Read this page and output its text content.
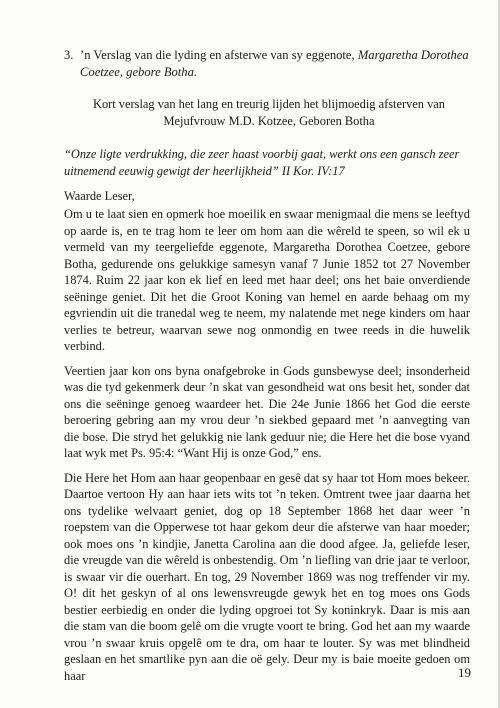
3. ’n Verslag van die lyding en afsterwe van sy eggenote, Margaretha Dorothea Coetzee, gebore Botha.
Kort verslag van het lang en treurig lijden het blijmoedig afsterven van Mejufvrouw M.D. Kotzee, Geboren Botha
“Onze ligte verdrukking, die zeer haast voorbij gaat, werkt ons een gansch zeer uitnemend eeuwig gewigt der heerlijkheid” II Kor. IV:17
Waarde Leser,

Om u te laat sien en opmerk hoe moeilik en swaar menigmaal die mens se leeftyd op aarde is, en te trag hom te leer om hom aan die wêreld te speen, so wil ek u vermeld van my teergeliefde eggenote, Margaretha Dorothea Coetzee, gebore Botha, gedurende ons gelukkige samesyn vanaf 7 Junie 1852 tot 27 November 1874. Ruim 22 jaar kon ek lief en leed met haar deel; ons het baie onverdiende seëninge geniet. Dit het die Groot Koning van hemel en aarde behaag om my egvriendin uit die tranedal weg te neem, my nalatende met nege kinders om haar verlies te betreur, waarvan sewe nog onmondig en twee reeds in die huwelik verbind.

Veertien jaar kon ons byna onafgebroke in Gods gunsbewyse deel; insonderheid was die tyd gekenmerk deur ’n skat van gesondheid wat ons besit het, sonder dat ons die seëninge genoeg waardeer het. Die 24e Junie 1866 het God die eerste beroering gebring aan my vrou deur ’n siekbed gepaard met ’n aanvegting van die bose. Die stryd het gelukkig nie lank geduur nie; die Here het die bose vyand laat wyk met Ps. 95:4: “Want Hij is onze God,” ens.

Die Here het Hom aan haar geopenbaar en gesê dat sy haar tot Hom moes bekeer. Daartoe vertoon Hy aan haar iets wits tot ’n teken. Omtrent twee jaar daarna het ons tydelike welvaart geniet, dog op 18 September 1868 het daar weer ’n roepstem van die Opperwese tot haar gekom deur die afsterwe van haar moeder; ook moes ons ’n kindjie, Janetta Carolina aan die dood afgee. Ja, geliefde leser, die vreugde van die wêreld is onbestendig. Om ’n liefling van drie jaar te verloor, is swaar vir die ouerhart. En tog, 29 November 1869 was nog treffender vir my. O! dit het geskyn of al ons lewensvreugde gewyk het en tog moes ons Gods bestier eerbiedig en onder die lyding opgroei tot Sy koninkryk. Daar is mis aan die stam van die boom gelê om die vrugte voort te bring. God het aan my waarde vrou ’n swaar kruis opgelê om te dra, om haar te louter. Sy was met blindheid geslaan en het smartlike pyn aan die oë gely. Deur my is baie moeite gedoen om haar	19
